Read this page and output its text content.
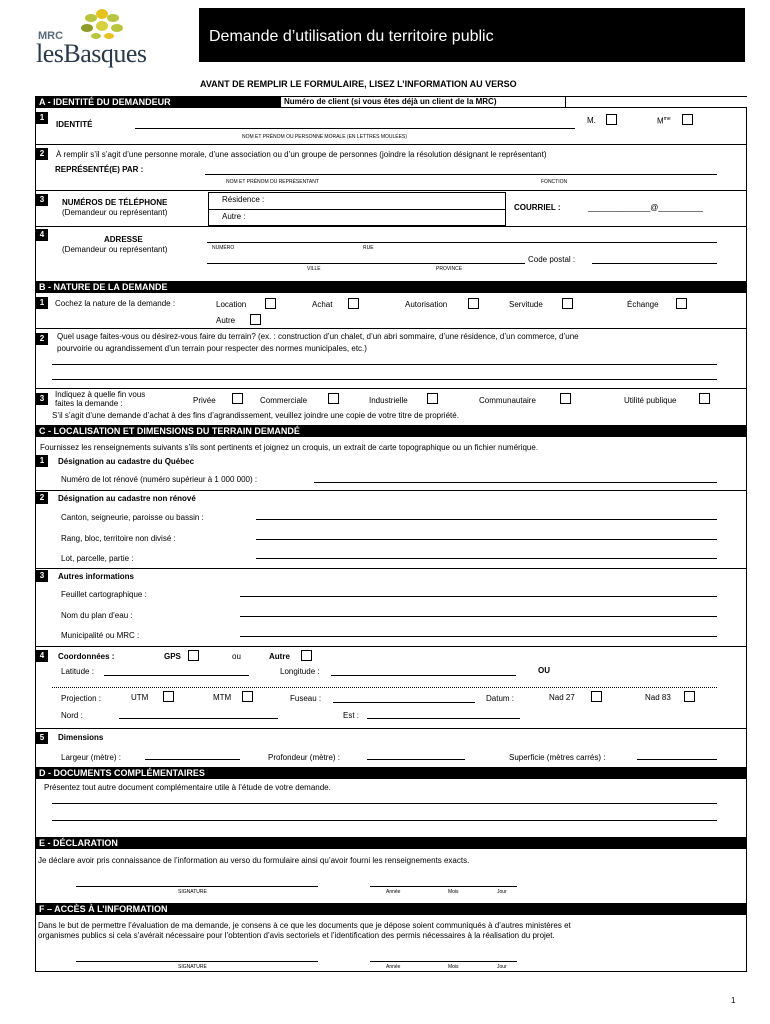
MRC
lesBasques
Demande d’utilisation du territoire public
AVANT DE REMPLIR LE FORMULAIRE, LISEZ L’INFORMATION AU VERSO
A - IDENTITÉ DU DEMANDEUR	Numéro de client (si vous êtes déjà un client de la MRC)
1
IDENTITÉ	M.	$M^{me}$
NOM ET PRÉNOM OU PERSONNE MORALE (EN LETTRES MOULÉES)
2	À remplir s’il s’agit d’une personne morale, d’une association ou d’un groupe de personnes (joindre la résolution désignant le représentant)
REPRÉSENTÉ(E) PAR :
NOM ET PRÉNOM DU REPRÉSENTANT	FONCTION
3	NUMÉROS DE TÉLÉPHONE
(Demandeur ou représentant)
Résidence :
Autre :
COURRIEL :	______________@__________
4
ADRESSE
(Demandeur ou représentant)	NUMÉRO	RUE
Code postal :
VILLE	PROVINCE
B - NATURE DE LA DEMANDE
1	Cochez la nature de la demande :	Location	Achat	Autorisation	Servitude	Échange
Autre
2	Quel usage faites-vous ou désirez-vous faire du terrain? (ex. : construction d’un chalet, d’un abri sommaire, d’une résidence, d’un commerce, d’une
pourvoirie ou agrandissement d’un terrain pour respecter des normes municipales, etc.)
3	Indiquez à quelle fin vous
faites la demande :	Privée	Commerciale	Industrielle	Communautaire	Utilité publique
S’il s’agit d’une demande d’achat à des fins d’agrandissement, veuillez joindre une copie de votre titre de propriété.
C - LOCALISATION ET DIMENSIONS DU TERRAIN DEMANDÉ
Fournissez les renseignements suivants s’ils sont pertinents et joignez un croquis, un extrait de carte topographique ou un fichier numérique.
1	Désignation au cadastre du Québec
Numéro de lot rénové (numéro supérieur à 1 000 000) :
2	Désignation au cadastre non rénové
Canton, seigneurie, paroisse ou bassin :
Rang, bloc, territoire non divisé :
Lot, parcelle, partie :
3	Autres informations
Feuillet cartographique :
Nom du plan d’eau :
Municipalité ou MRC :
4	Coordonnées :	GPS	ou	Autre
Latitude :	Longitude :	OU
Projection :	UTM	MTM	Fuseau :	Datum :	Nad 27	Nad 83
Nord :	Est :
5	Dimensions
Largeur (mètre) :	Profondeur (mètre) :	Superficie (mètres carrés) :
D - DOCUMENTS COMPLÉMENTAIRES
Présentez tout autre document complémentaire utile à l’étude de votre demande.
E - DÉCLARATION
Je déclare avoir pris connaissance de l’information au verso du formulaire ainsi qu’avoir fourni les renseignements exacts.
SIGNATURE	Année	Mois	Jour
F – ACCÈS À L’INFORMATION
Dans le but de permettre l’évaluation de ma demande, je consens à ce que les documents que je dépose soient communiqués à d’autres ministères et
organismes publics si cela s’avérait nécessaire pour l’obtention d’avis sectoriels et l’identification des permis nécessaires à la réalisation du projet.
SIGNATURE	Année	Mois	Jour
1
